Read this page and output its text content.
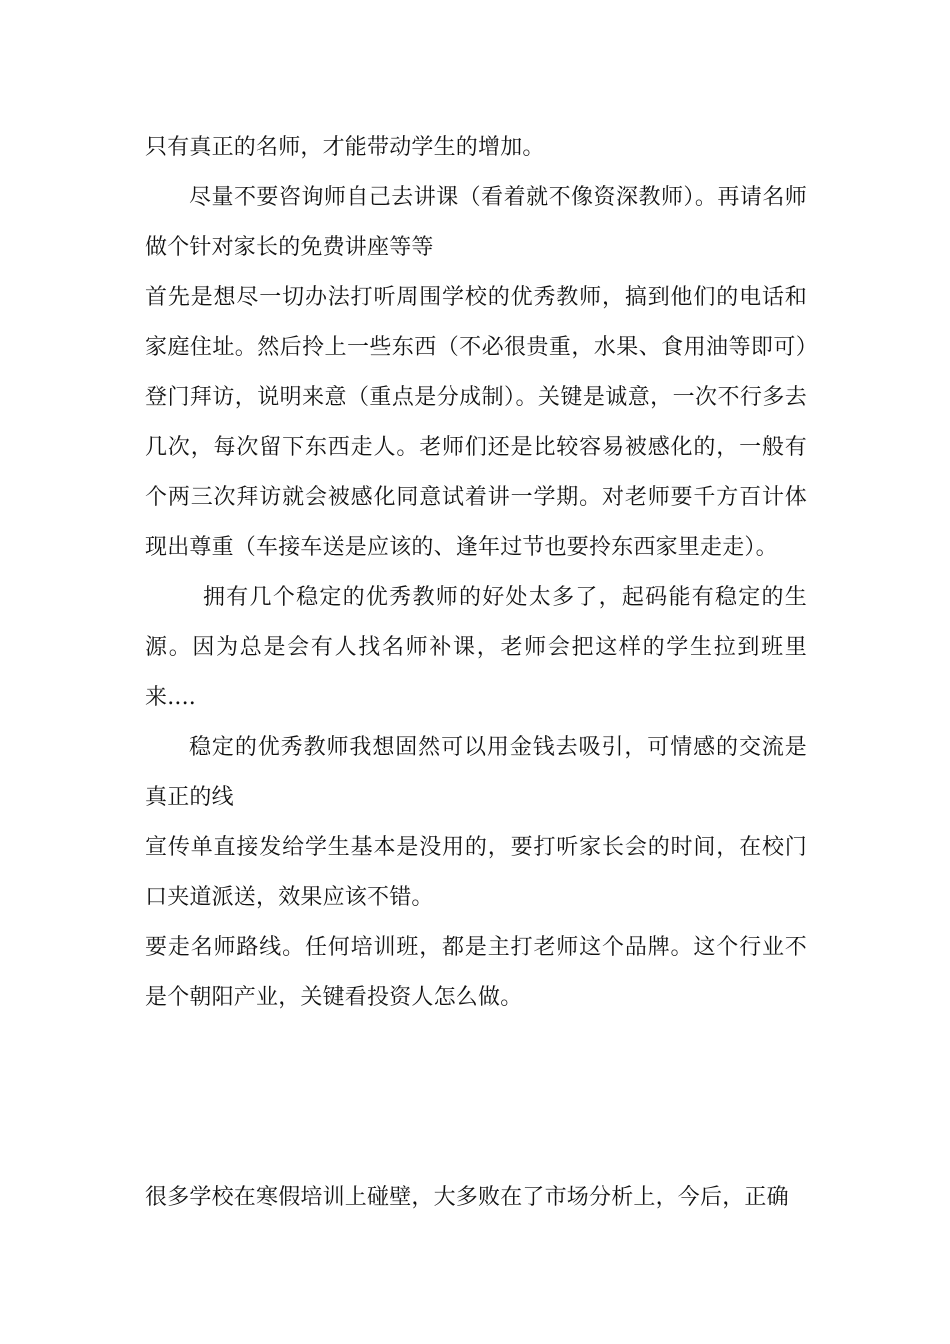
只有真正的名师，才能带动学生的增加。

尽量不要咨询师自己去讲课（看着就不像资深教师）。再请名师做个针对家长的免费讲座等等

首先是想尽一切办法打听周围学校的优秀教师，搞到他们的电话和家庭住址。然后拎上一些东西（不必很贵重，水果、食用油等即可）登门拜访，说明来意（重点是分成制）。关键是诚意，一次不行多去几次，每次留下东西走人。老师们还是比较容易被感化的，一般有个两三次拜访就会被感化同意试着讲一学期。对老师要千方百计体现出尊重（车接车送是应该的、逢年过节也要拎东西家里走走）。

拥有几个稳定的优秀教师的好处太多了，起码能有稳定的生源。因为总是会有人找名师补课，老师会把这样的学生拉到班里来....

稳定的优秀教师我想固然可以用金钱去吸引，可情感的交流是真正的线

宣传单直接发给学生基本是没用的，要打听家长会的时间，在校门口夹道派送，效果应该不错。

要走名师路线。任何培训班，都是主打老师这个品牌。这个行业不是个朝阳产业，关键看投资人怎么做。

很多学校在寒假培训上碰壁，大多败在了市场分析上，今后，正确
